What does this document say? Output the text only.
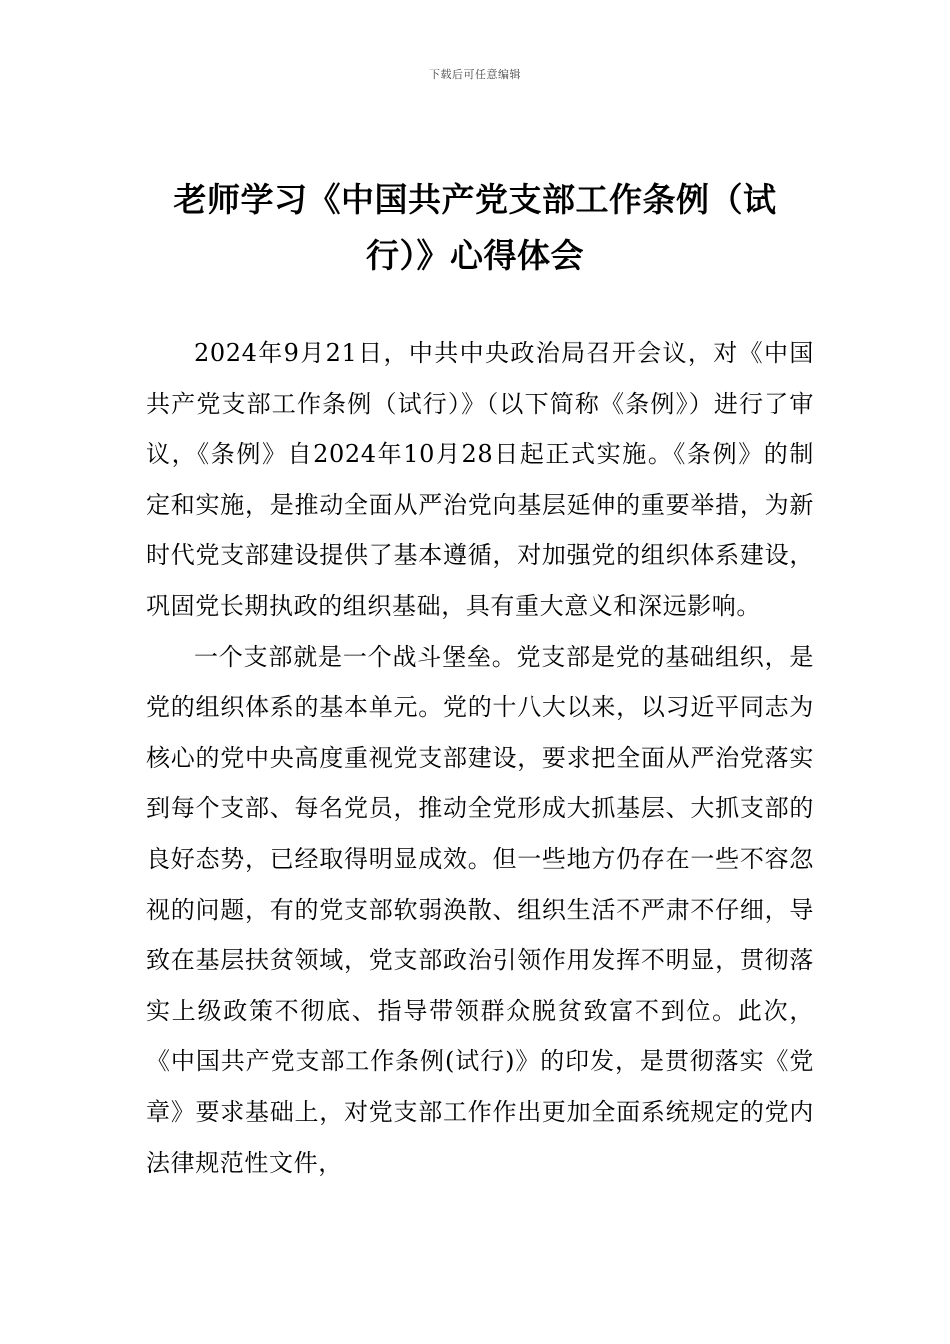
下载后可任意编辑
老师学习《中国共产党支部工作条例（试行）》心得体会

2024年9月21日，中共中央政治局召开会议，对《中国共产党支部工作条例（试行）》（以下简称《条例》）进行了审议，《条例》自2024年10月28日起正式实施。《条例》的制定和实施，是推动全面从严治党向基层延伸的重要举措，为新时代党支部建设提供了基本遵循，对加强党的组织体系建设，巩固党长期执政的组织基础，具有重大意义和深远影响。

一个支部就是一个战斗堡垒。党支部是党的基础组织，是党的组织体系的基本单元。党的十八大以来，以习近平同志为核心的党中央高度重视党支部建设，要求把全面从严治党落实到每个支部、每名党员，推动全党形成大抓基层、大抓支部的良好态势，已经取得明显成效。但一些地方仍存在一些不容忽视的问题，有的党支部软弱涣散、组织生活不严肃不仔细，导致在基层扶贫领域，党支部政治引领作用发挥不明显，贯彻落实上级政策不彻底、指导带领群众脱贫致富不到位。此次，《中国共产党支部工作条例(试行)》的印发，是贯彻落实《党章》要求基础上，对党支部工作作出更加全面系统规定的党内法律规范性文件，
